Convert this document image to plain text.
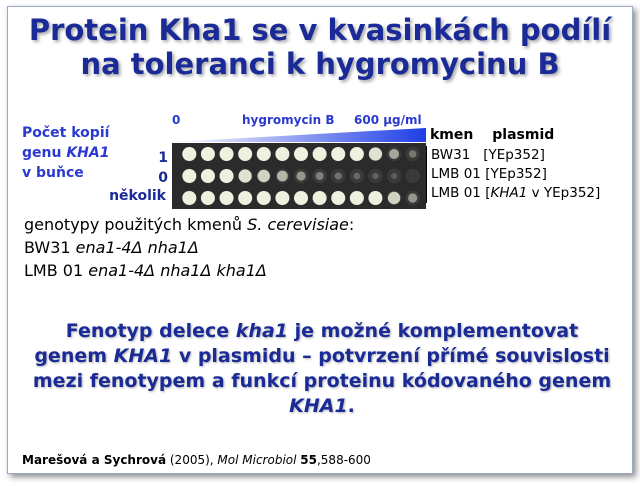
Protein Kha1 se v kvasinkách podílí
na toleranci k hygromycinu B
Počet kopií
genu KHA1
v buňce
1
0
několik
0	hygromycin B 600 μg/ml
kmen plasmid
BW31 [YEp352]
LMB 01 [YEp352]
LMB 01 [KHA1 v YEp352]
genotypy použitých kmenů S. cerevisiae:
BW31 ena1-4Δ nha1Δ
LMB 01 ena1-4Δ nha1Δ kha1Δ
Fenotyp delece kha1 je možné komplementovat genem KHA1 v plasmidu – potvrzení přímé souvislosti mezi fenotypem a funkcí proteinu kódovaného genem KHA1.
Marešová a Sychrová (2005), Mol Microbiol 55,588-600
